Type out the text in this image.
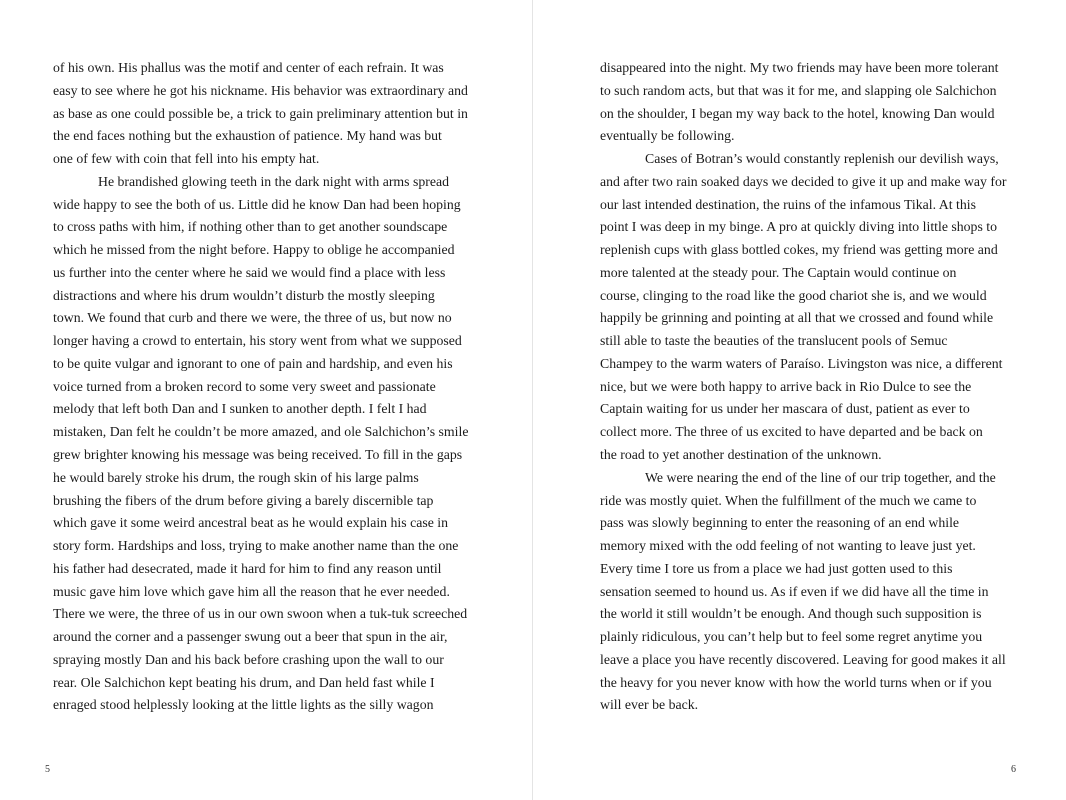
of his own. His phallus was the motif and center of each refrain. It was
easy to see where he got his nickname. His behavior was extraordinary and
as base as one could possible be, a trick to gain preliminary attention but in
the end faces nothing but the exhaustion of patience. My hand was but
one of few with coin that fell into his empty hat.
He brandished glowing teeth in the dark night with arms spread
wide happy to see the both of us. Little did he know Dan had been hoping
to cross paths with him, if nothing other than to get another soundscape
which he missed from the night before. Happy to oblige he accompanied
us further into the center where he said we would find a place with less
distractions and where his drum wouldn’t disturb the mostly sleeping
town. We found that curb and there we were, the three of us, but now no
longer having a crowd to entertain, his story went from what we supposed
to be quite vulgar and ignorant to one of pain and hardship, and even his
voice turned from a broken record to some very sweet and passionate
melody that left both Dan and I sunken to another depth. I felt I had
mistaken, Dan felt he couldn’t be more amazed, and ole Salchichon’s smile
grew brighter knowing his message was being received. To fill in the gaps
he would barely stroke his drum, the rough skin of his large palms
brushing the fibers of the drum before giving a barely discernible tap
which gave it some weird ancestral beat as he would explain his case in
story form. Hardships and loss, trying to make another name than the one
his father had desecrated, made it hard for him to find any reason until
music gave him love which gave him all the reason that he ever needed.
There we were, the three of us in our own swoon when a tuk-tuk screeched
around the corner and a passenger swung out a beer that spun in the air,
spraying mostly Dan and his back before crashing upon the wall to our
rear. Ole Salchichon kept beating his drum, and Dan held fast while I
enraged stood helplessly looking at the little lights as the silly wagon
5
disappeared into the night. My two friends may have been more tolerant
to such random acts, but that was it for me, and slapping ole Salchichon
on the shoulder, I began my way back to the hotel, knowing Dan would
eventually be following.
Cases of Botran’s would constantly replenish our devilish ways,
and after two rain soaked days we decided to give it up and make way for
our last intended destination, the ruins of the infamous Tikal. At this
point I was deep in my binge. A pro at quickly diving into little shops to
replenish cups with glass bottled cokes, my friend was getting more and
more talented at the steady pour. The Captain would continue on
course, clinging to the road like the good chariot she is, and we would
happily be grinning and pointing at all that we crossed and found while
still able to taste the beauties of the translucent pools of Semuc
Champey to the warm waters of Paraíso. Livingston was nice, a different
nice, but we were both happy to arrive back in Rio Dulce to see the
Captain waiting for us under her mascara of dust, patient as ever to
collect more. The three of us excited to have departed and be back on
the road to yet another destination of the unknown.
We were nearing the end of the line of our trip together, and the
ride was mostly quiet. When the fulfillment of the much we came to
pass was slowly beginning to enter the reasoning of an end while
memory mixed with the odd feeling of not wanting to leave just yet.
Every time I tore us from a place we had just gotten used to this
sensation seemed to hound us. As if even if we did have all the time in
the world it still wouldn’t be enough. And though such supposition is
plainly ridiculous, you can’t help but to feel some regret anytime you
leave a place you have recently discovered. Leaving for good makes it all
the heavy for you never know with how the world turns when or if you
will ever be back.
6
